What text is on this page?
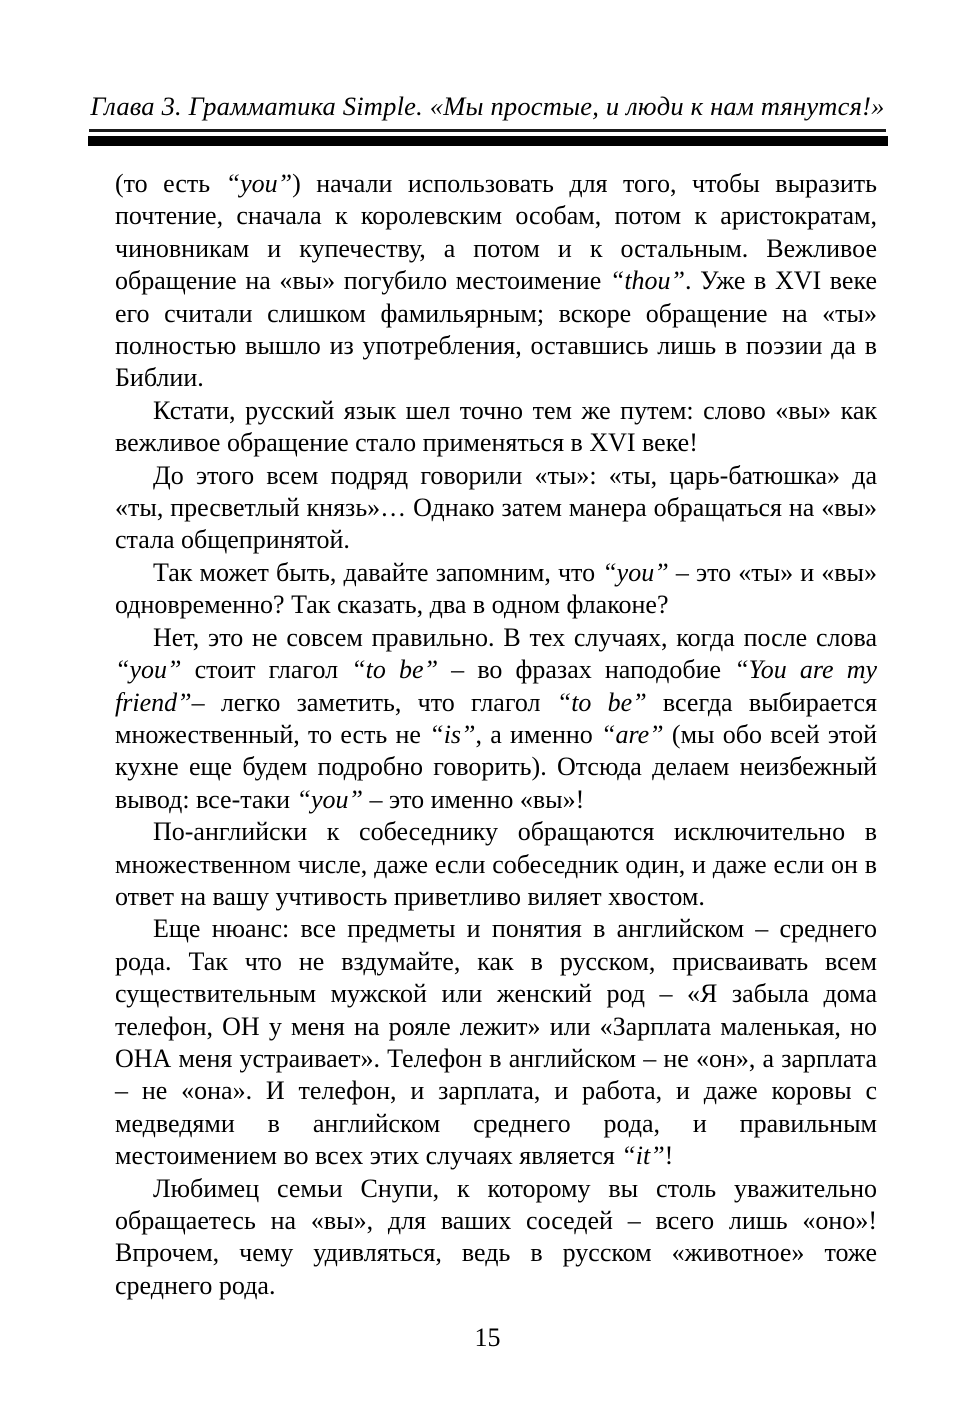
Глава 3. Грамматика Simple. «Мы простые, и люди к нам тянутся!»

(то есть “you”) начали использовать для того, чтобы выразить почтение, сначала к королевским особам, потом к аристократам, чиновникам и купечеству, а потом и к остальным. Вежливое обращение на «вы» погубило местоимение “thou”. Уже в XVI веке его считали слишком фамильярным; вскоре обращение на «ты» полностью вышло из употребления, оставшись лишь в поэзии да в Библии.

Кстати, русский язык шел точно тем же путем: слово «вы» как вежливое обращение стало применяться в XVI веке!

До этого всем подряд говорили «ты»: «ты, царь-батюшка» да «ты, пресветлый князь»… Однако затем манера обращаться на «вы» стала общепринятой.

Так может быть, давайте запомним, что “you” – это «ты» и «вы» одновременно? Так сказать, два в одном флаконе?

Нет, это не совсем правильно. В тех случаях, когда после слова “you” стоит глагол “to be” – во фразах наподобие “You are my friend”– легко заметить, что глагол “to be” всегда выбирается множественный, то есть не “is”, а именно “are” (мы обо всей этой кухне еще будем подробно говорить). Отсюда делаем неизбежный вывод: все-таки “you” – это именно «вы»!

По-английски к собеседнику обращаются исключительно в множественном числе, даже если собеседник один, и даже если он в ответ на вашу учтивость приветливо виляет хвостом.

Еще нюанс: все предметы и понятия в английском – среднего рода. Так что не вздумайте, как в русском, присваивать всем существительным мужской или женский род – «Я забыла дома телефон, ОН у меня на рояле лежит» или «Зарплата маленькая, но ОНА меня устраивает». Телефон в английском – не «он», а зарплата – не «она». И телефон, и зарплата, и работа, и даже коровы с медведями в английском среднего рода, и правильным местоимением во всех этих случаях является “it”!

Любимец семьи Снупи, к которому вы столь уважительно обращаетесь на «вы», для ваших соседей – всего лишь «оно»! Впрочем, чему удивляться, ведь в русском «животное» тоже среднего рода.

15
